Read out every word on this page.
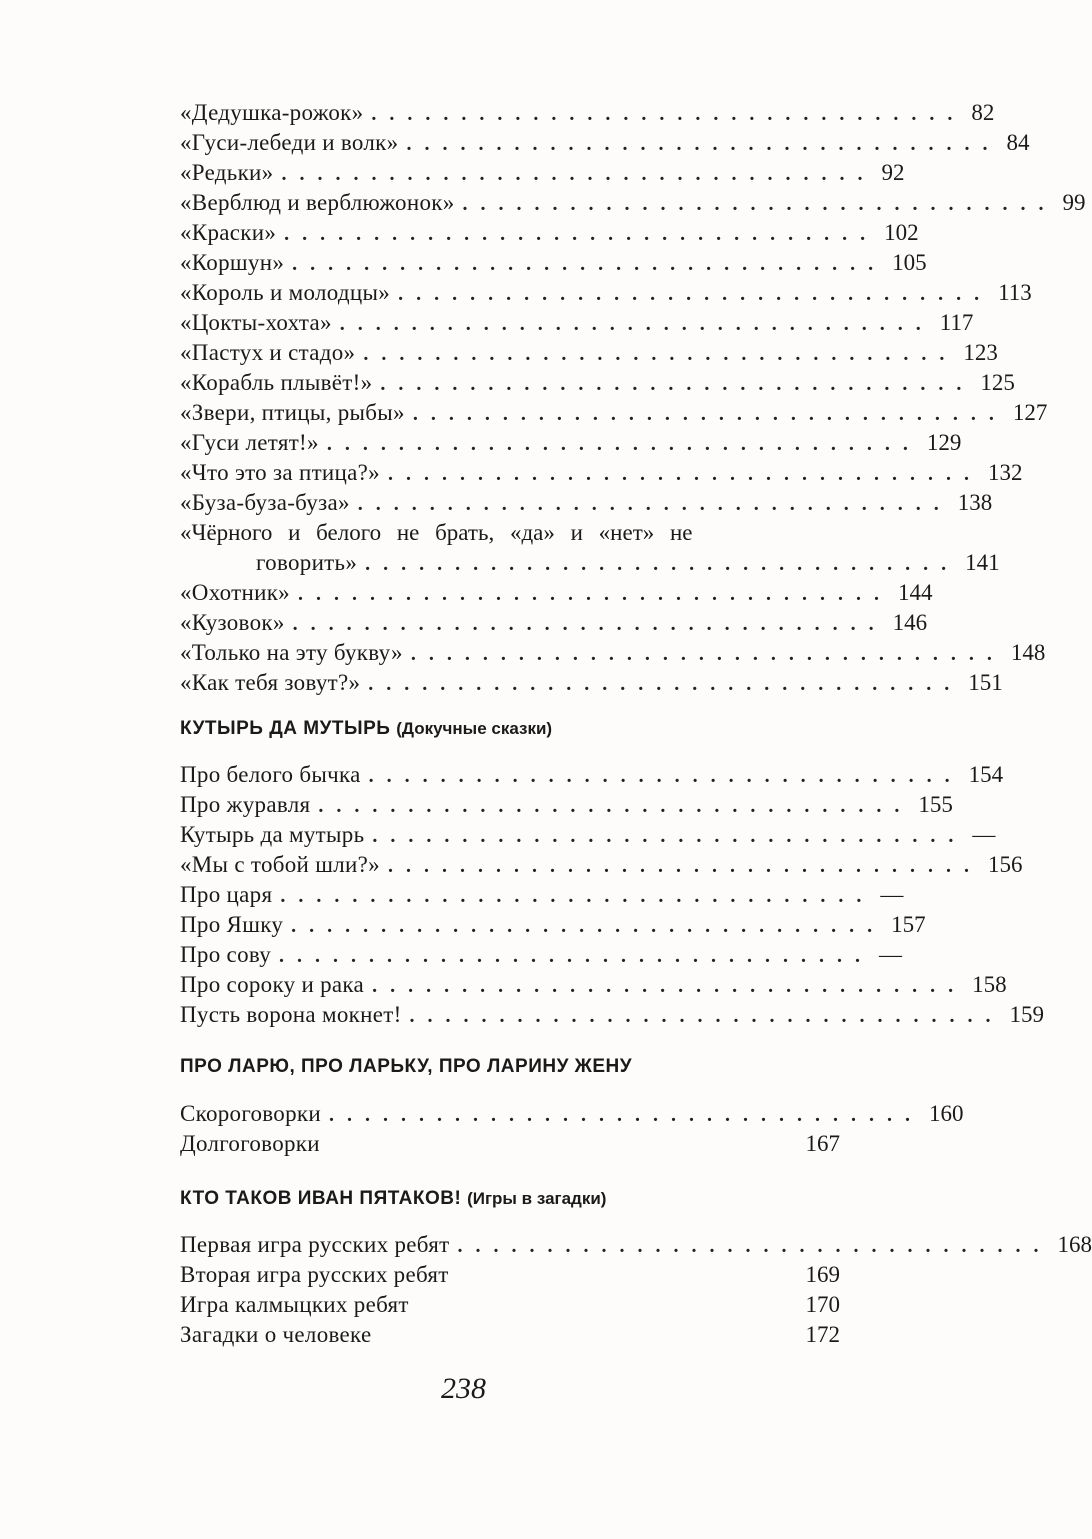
«Дедушка-рожок» ................................. 82
«Гуси-лебеди и волк» ................................. 84
«Редьки» ................................. 92
«Верблюд и верблюжонок» ................................. 99
«Краски» ................................. 102
«Коршун» ................................. 105
«Король и молодцы» ................................. 113
«Цокты-хохта» ................................. 117
«Пастух и стадо» ................................. 123
«Корабль плывёт!» ................................. 125
«Звери, птицы, рыбы» ................................. 127
«Гуси летят!» ................................. 129
«Что это за птица?» ................................. 132
«Буза-буза-буза» ................................. 138
«Чёрного и белого не брать, «да» и «нет» не
говорить» ................................. 141
«Охотник» ................................. 144
«Кузовок» ................................. 146
«Только на эту букву» ................................. 148
«Как тебя зовут?» ................................. 151
КУТЫРЬ ДА МУТЫРЬ (Докучные сказки)
Про белого бычка ................................. 154
Про журавля ................................. 155
Кутырь да мутырь ................................. —
«Мы с тобой шли?» ................................. 156
Про царя ................................. —
Про Яшку ................................. 157
Про сову ................................. —
Про сороку и рака ................................. 158
Пусть ворона мокнет! ................................. 159
ПРО ЛАРЮ, ПРО ЛАРЬКУ, ПРО ЛАРИНУ ЖЕНУ
Скороговорки ................................. 160
Долгоговорки	167
КТО ТАКОВ ИВАН ПЯТАКОВ! (Игры в загадки)
Первая игра русских ребят ................................. 168
Вторая игра русских ребят	169
Игра калмыцких ребят	170
Загадки о человеке	172
238
